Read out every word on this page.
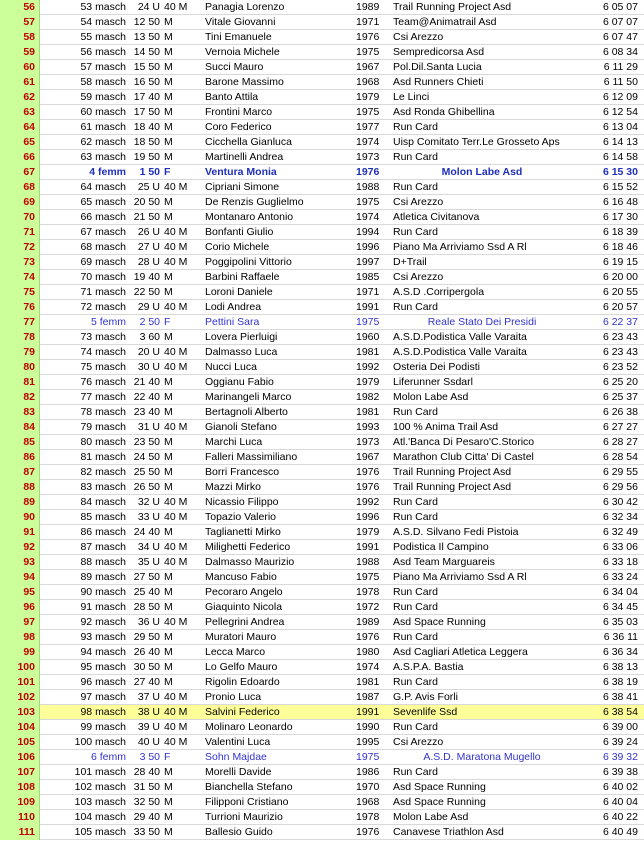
56	53 masch	24 U 40 M	Panagia Lorenzo	1989	Trail Running Project Asd	6 05 07
57	54 masch 12 50 M	Vitale Giovanni	1971	Team@Animatrail Asd	6 07 07
58	55 masch 13 50 M	Tini Emanuele	1976	Csi Arezzo	6 07 47
59	56 masch 14 50 M	Vernoia Michele	1975	Sempredicorsa Asd	6 08 34
60	57 masch 15 50 M	Succi Mauro	1967	Pol.Dil.Santa Lucia	6 11 29
61	58 masch 16 50 M	Barone Massimo	1968	Asd Runners Chieti	6 11 50
62	59 masch 17 40 M	Banto Attila	1979	Le Linci	6 12 09
63	60 masch 17 50 M	Frontini Marco	1975	Asd Ronda Ghibellina	6 12 54
64	61 masch 18 40 M	Coro Federico	1977	Run Card	6 13 04
65	62 masch 18 50 M	Cicchella Gianluca	1974	Uisp Comitato Terr.Le Grosseto Aps	6 14 13
66	63 masch 19 50 M	Martinelli Andrea	1973	Run Card	6 14 58
67	4 femm	1 50 F	Ventura Monia	1976	Molon Labe Asd	6 15 30
68	64 masch	25 U 40 M	Cipriani Simone	1988	Run Card	6 15 52
69	65 masch 20 50 M	De Renzis Guglielmo	1975	Csi Arezzo	6 16 48
70	66 masch 21 50 M	Montanaro Antonio	1974	Atletica Civitanova	6 17 30
71	67 masch	26 U 40 M	Bonfanti Giulio	1994	Run Card	6 18 39
72	68 masch	27 U 40 M	Corio Michele	1996	Piano Ma Arriviamo Ssd A Rl	6 18 46
73	69 masch	28 U 40 M	Poggipolini Vittorio	1997	D+Trail	6 19 15
74	70 masch 19 40 M	Barbini Raffaele	1985	Csi Arezzo	6 20 00
75	71 masch 22 50 M	Loroni Daniele	1971	A.S.D .Corripergola	6 20 55
76	72 masch	29 U 40 M	Lodi Andrea	1991	Run Card	6 20 57
77	5 femm	2 50 F	Pettini Sara	1975	Reale Stato Dei Presidi	6 22 37
78	73 masch	3 60 M	Lovera Pierluigi	1960	A.S.D.Podistica Valle Varaita	6 23 43
79	74 masch	20 U 40 M	Dalmasso Luca	1981	A.S.D.Podistica Valle Varaita	6 23 43
80	75 masch	30 U 40 M	Nucci Luca	1992	Osteria Dei Podisti	6 23 52
81	76 masch 21 40 M	Oggianu Fabio	1979	Liferunner Ssdarl	6 25 20
82	77 masch 22 40 M	Marinangeli Marco	1982	Molon Labe Asd	6 25 37
83	78 masch 23 40 M	Bertagnoli Alberto	1981	Run Card	6 26 38
84	79 masch	31 U 40 M	Gianoli Stefano	1993	100 % Anima Trail Asd	6 27 27
85	80 masch 23 50 M	Marchi Luca	1973	Atl.'Banca Di Pesaro'C.Storico	6 28 27
86	81 masch 24 50 M	Falleri Massimiliano	1967	Marathon Club Citta' Di Castel	6 28 54
87	82 masch 25 50 M	Borri Francesco	1976	Trail Running Project Asd	6 29 55
88	83 masch 26 50 M	Mazzi Mirko	1976	Trail Running Project Asd	6 29 56
89	84 masch	32 U 40 M	Nicassio Filippo	1992	Run Card	6 30 42
90	85 masch	33 U 40 M	Topazio Valerio	1996	Run Card	6 32 34
91	86 masch 24 40 M	Taglianetti Mirko	1979	A.S.D. Silvano Fedi Pistoia	6 32 49
92	87 masch	34 U 40 M	Milighetti Federico	1991	Podistica Il Campino	6 33 06
93	88 masch	35 U 40 M	Dalmasso Maurizio	1988	Asd Team Marguareis	6 33 18
94	89 masch 27 50 M	Mancuso Fabio	1975	Piano Ma Arriviamo Ssd A Rl	6 33 24
95	90 masch 25 40 M	Pecoraro Angelo	1978	Run Card	6 34 04
96	91 masch 28 50 M	Giaquinto Nicola	1972	Run Card	6 34 45
97	92 masch	36 U 40 M	Pellegrini Andrea	1989	Asd Space Running	6 35 03
98	93 masch 29 50 M	Muratori Mauro	1976	Run Card	6 36 11
99	94 masch 26 40 M	Lecca Marco	1980	Asd Cagliari Atletica Leggera	6 36 34
100	95 masch 30 50 M	Lo Gelfo Mauro	1974	A.S.P.A. Bastia	6 38 13
101	96 masch 27 40 M	Rigolin Edoardo	1981	Run Card	6 38 19
102	97 masch	37 U 40 M	Pronio Luca	1987	G.P. Avis Forli	6 38 41
103	98 masch	38 U 40 M	Salvini Federico	1991	Sevenlife Ssd	6 38 54
104	99 masch	39 U 40 M	Molinaro Leonardo	1990	Run Card	6 39 00
105	100 masch	40 U 40 M	Valentini Luca	1995	Csi Arezzo	6 39 24
106	6 femm	3 50 F	Sohn Majdae	1975	A.S.D. Maratona Mugello	6 39 32
107	101 masch 28 40 M	Morelli Davide	1986	Run Card	6 39 38
108	102 masch 31 50 M	Bianchella Stefano	1970	Asd Space Running	6 40 02
109	103 masch 32 50 M	Filipponi Cristiano	1968	Asd Space Running	6 40 04
110	104 masch 29 40 M	Turrioni Maurizio	1978	Molon Labe Asd	6 40 22
111	105 masch 33 50 M	Ballesio Guido	1976	Canavese Triathlon Asd	6 40 49
